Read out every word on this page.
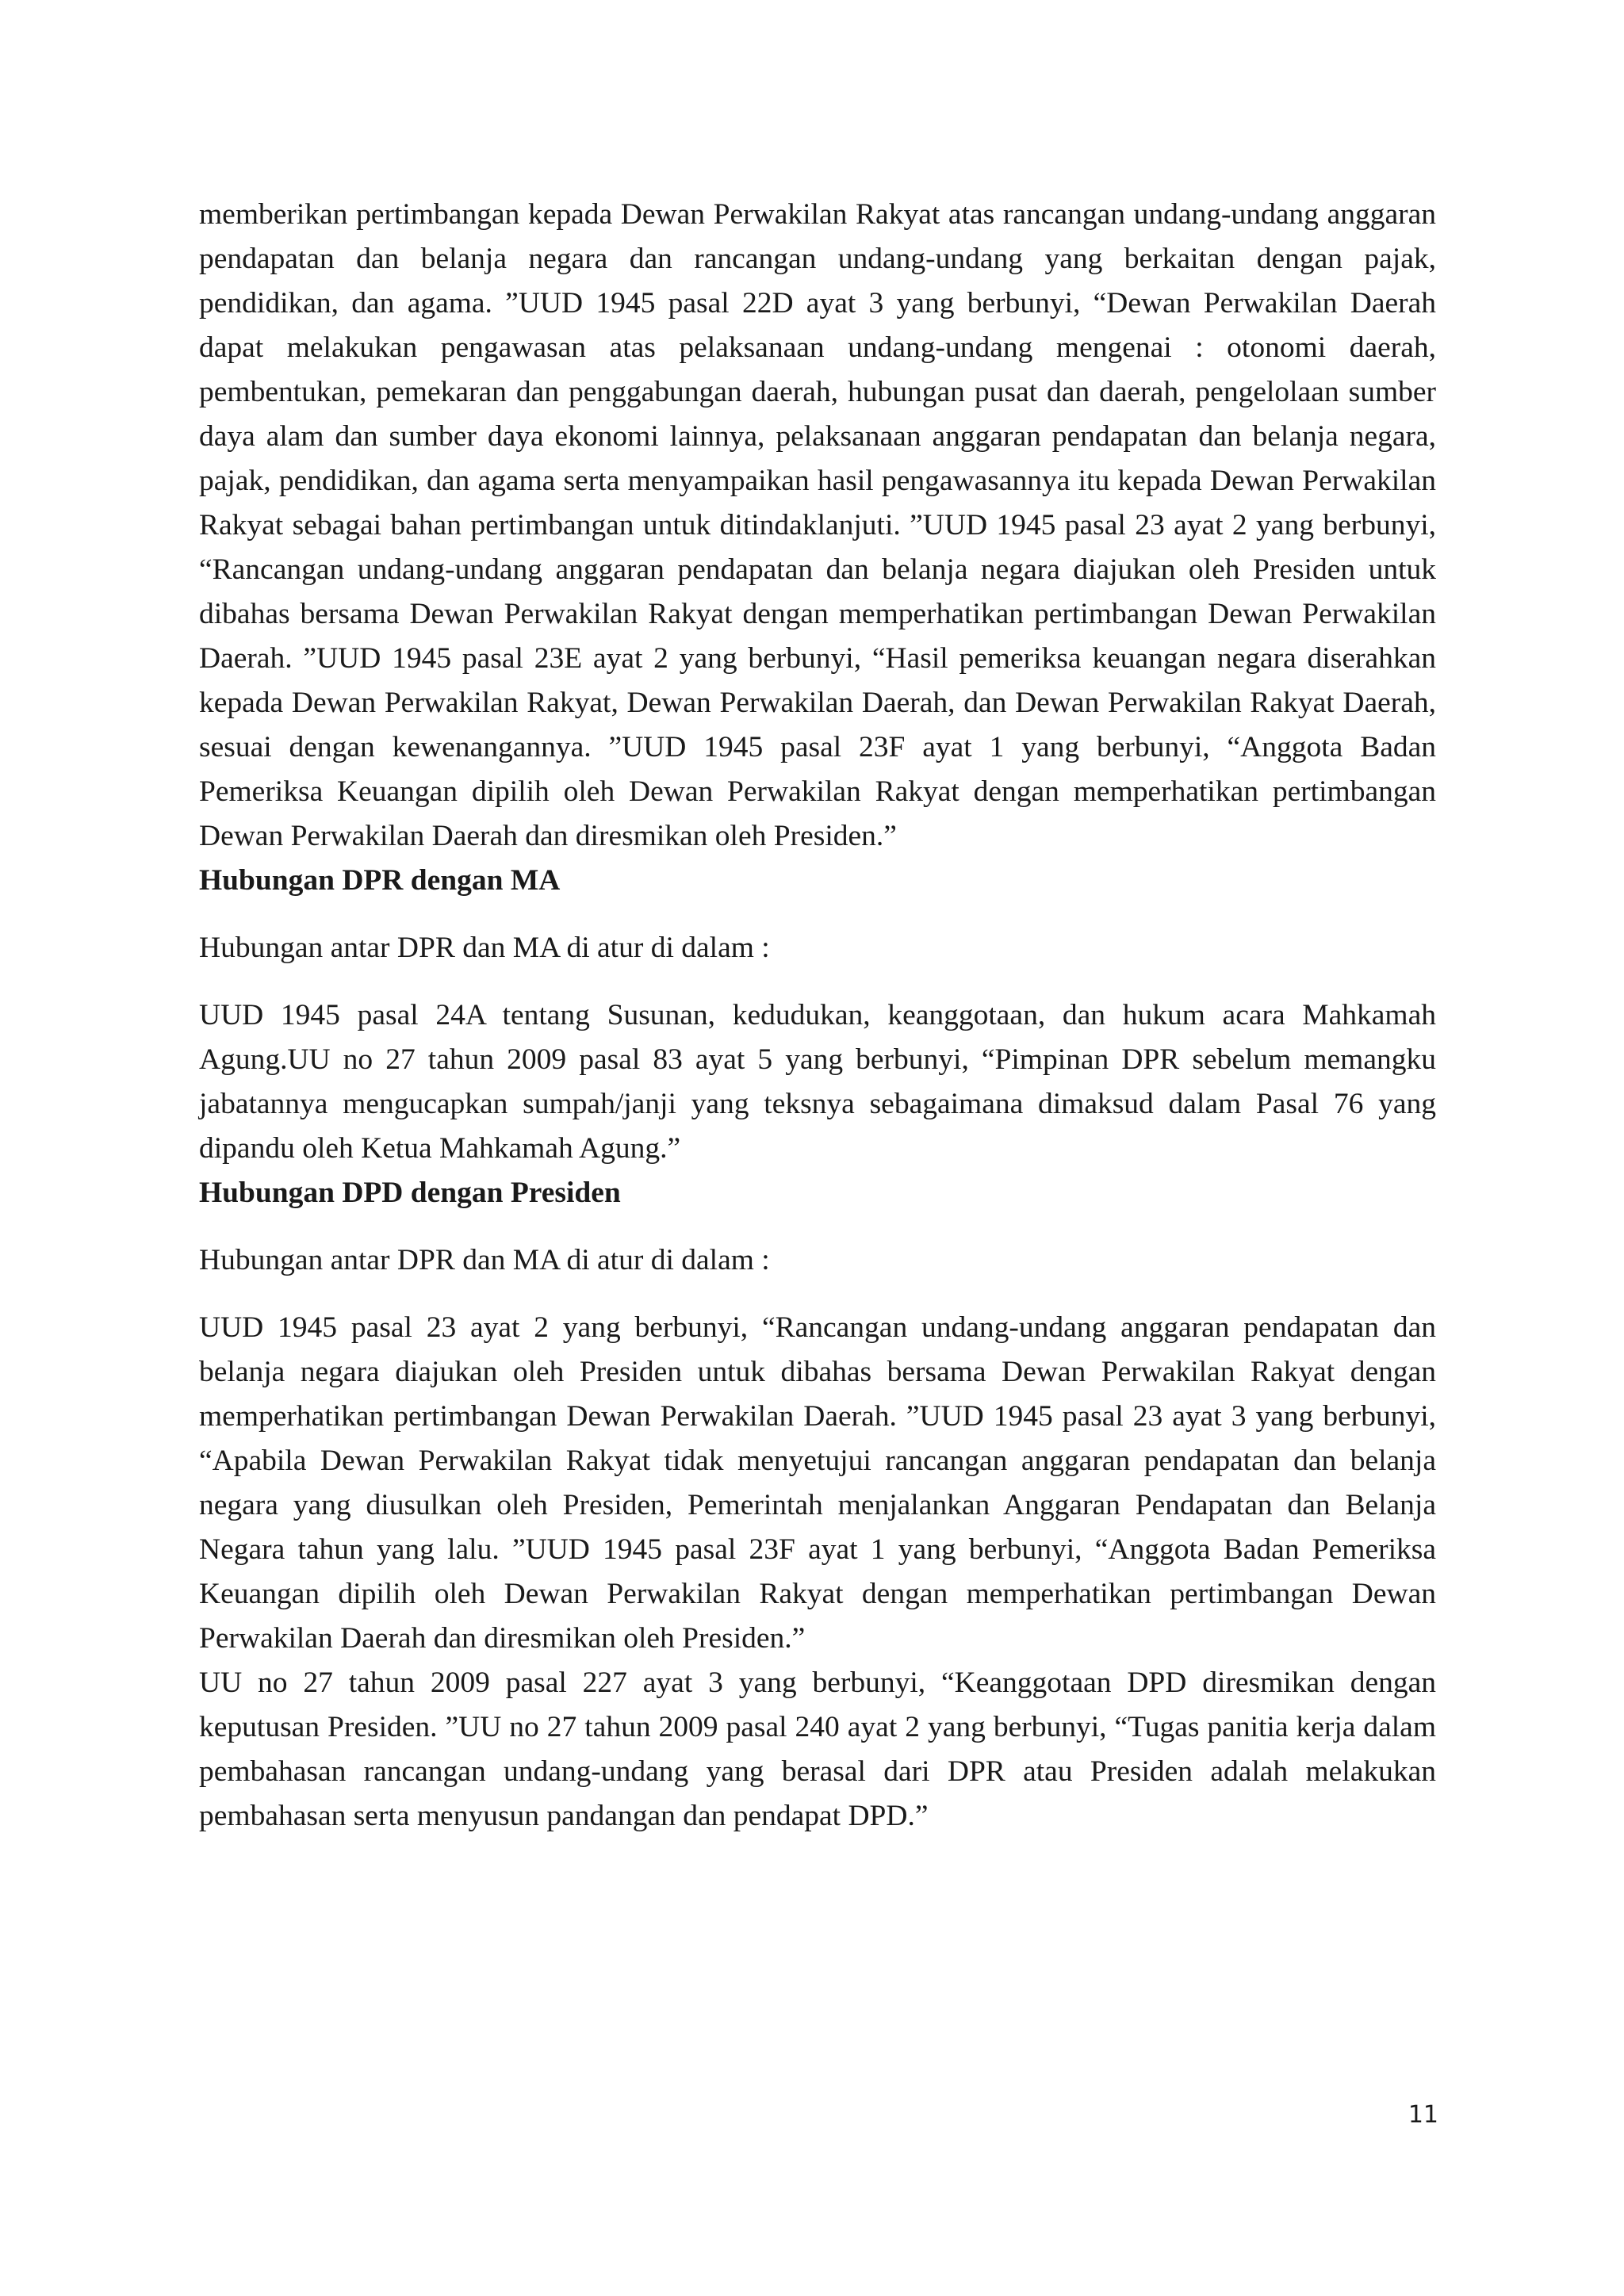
memberikan pertimbangan kepada Dewan Perwakilan Rakyat atas rancangan undang-undang anggaran pendapatan dan belanja negara dan rancangan undang-undang yang berkaitan dengan pajak, pendidikan, dan agama. ”UUD 1945 pasal 22D ayat 3 yang berbunyi, “Dewan Perwakilan Daerah dapat melakukan pengawasan atas pelaksanaan undang-undang mengenai : otonomi daerah, pembentukan, pemekaran dan penggabungan daerah, hubungan pusat dan daerah, pengelolaan sumber daya alam dan sumber daya ekonomi lainnya, pelaksanaan anggaran pendapatan dan belanja negara, pajak, pendidikan, dan agama serta menyampaikan hasil pengawasannya itu kepada Dewan Perwakilan Rakyat sebagai bahan pertimbangan untuk ditindaklanjuti. ”UUD 1945 pasal 23 ayat 2 yang berbunyi, “Rancangan undang-undang anggaran pendapatan dan belanja negara diajukan oleh Presiden untuk dibahas bersama Dewan Perwakilan Rakyat dengan memperhatikan pertimbangan Dewan Perwakilan Daerah. ”UUD 1945 pasal 23E ayat 2 yang berbunyi, “Hasil pemeriksa keuangan negara diserahkan kepada Dewan Perwakilan Rakyat, Dewan Perwakilan Daerah, dan Dewan Perwakilan Rakyat Daerah, sesuai dengan kewenangannya. ”UUD 1945 pasal 23F ayat 1 yang berbunyi, “Anggota Badan Pemeriksa Keuangan dipilih oleh Dewan Perwakilan Rakyat dengan memperhatikan pertimbangan Dewan Perwakilan Daerah dan diresmikan oleh Presiden.”

Hubungan DPR dengan MA

Hubungan antar DPR dan MA di atur di dalam :

UUD 1945 pasal 24A tentang Susunan, kedudukan, keanggotaan, dan hukum acara Mahkamah Agung.UU no 27 tahun 2009 pasal 83 ayat 5 yang berbunyi, “Pimpinan DPR sebelum memangku jabatannya mengucapkan sumpah/janji yang teksnya sebagaimana dimaksud dalam Pasal 76 yang dipandu oleh Ketua Mahkamah Agung.”

Hubungan DPD dengan Presiden

Hubungan antar DPR dan MA di atur di dalam :

UUD 1945 pasal 23 ayat 2 yang berbunyi, “Rancangan undang-undang anggaran pendapatan dan belanja negara diajukan oleh Presiden untuk dibahas bersama Dewan Perwakilan Rakyat dengan memperhatikan pertimbangan Dewan Perwakilan Daerah. ”UUD 1945 pasal 23 ayat 3 yang berbunyi, “Apabila Dewan Perwakilan Rakyat tidak menyetujui rancangan anggaran pendapatan dan belanja negara yang diusulkan oleh Presiden, Pemerintah menjalankan Anggaran Pendapatan dan Belanja Negara tahun yang lalu. ”UUD 1945 pasal 23F ayat 1 yang berbunyi, “Anggota Badan Pemeriksa Keuangan dipilih oleh Dewan Perwakilan Rakyat dengan memperhatikan pertimbangan Dewan Perwakilan Daerah dan diresmikan oleh Presiden.”

UU no 27 tahun 2009 pasal 227 ayat 3 yang berbunyi, “Keanggotaan DPD diresmikan dengan keputusan Presiden. ”UU no 27 tahun 2009 pasal 240 ayat 2 yang berbunyi, “Tugas panitia kerja dalam pembahasan rancangan undang-undang yang berasal dari DPR atau Presiden adalah melakukan pembahasan serta menyusun pandangan dan pendapat DPD.”

11
